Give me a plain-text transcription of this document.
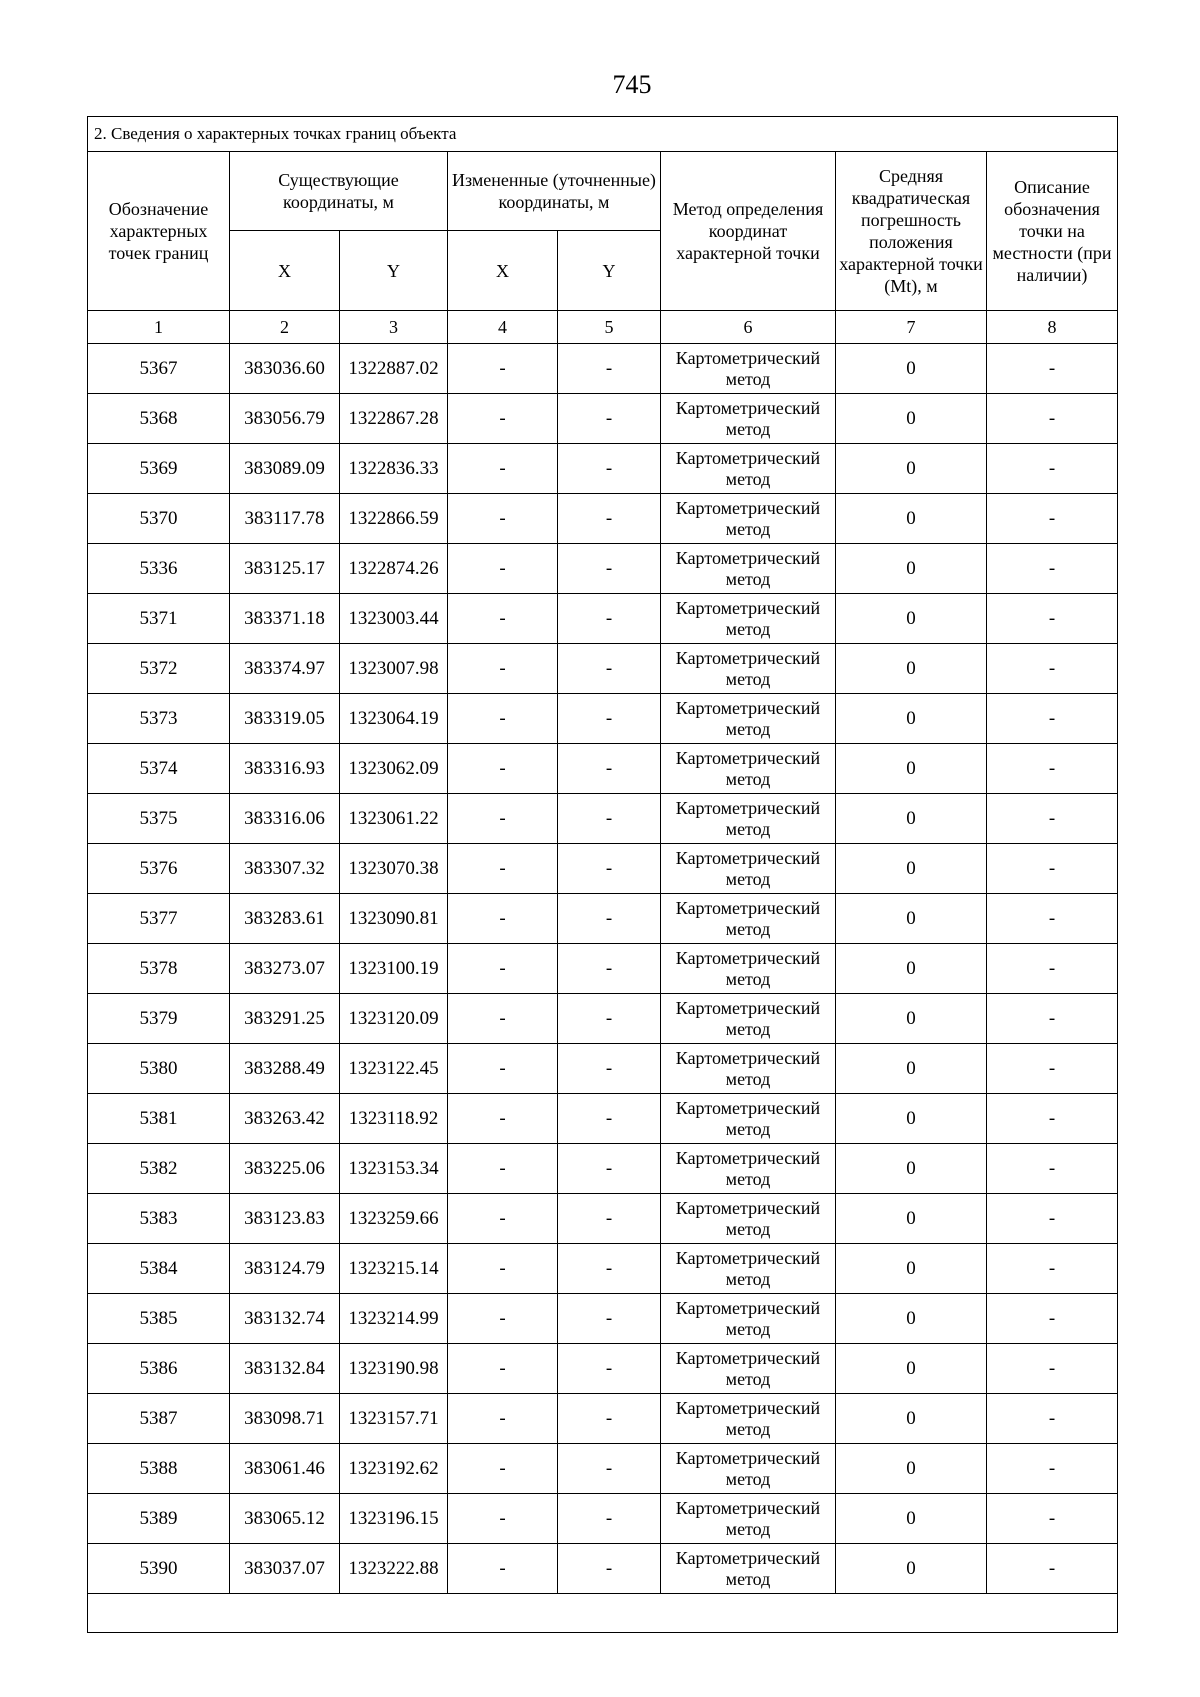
745
2. Сведения о характерных точках границ объекта							
Обозначение характерных точек границ	Существующие координаты, м		Измененные (уточненные) координаты, м		Метод определения координат характерной точки	Средняя квадратическая погрешность положения характерной точки (Mt), м	Описание обозначения точки на местности (при наличии)
	X	Y	X	Y			
1	2	3	4	5	6	7	8
5367	383036.60	1322887.02	-	-	Картометрический метод	0	-
5368	383056.79	1322867.28	-	-	Картометрический метод	0	-
5369	383089.09	1322836.33	-	-	Картометрический метод	0	-
5370	383117.78	1322866.59	-	-	Картометрический метод	0	-
5336	383125.17	1322874.26	-	-	Картометрический метод	0	-
5371	383371.18	1323003.44	-	-	Картометрический метод	0	-
5372	383374.97	1323007.98	-	-	Картометрический метод	0	-
5373	383319.05	1323064.19	-	-	Картометрический метод	0	-
5374	383316.93	1323062.09	-	-	Картометрический метод	0	-
5375	383316.06	1323061.22	-	-	Картометрический метод	0	-
5376	383307.32	1323070.38	-	-	Картометрический метод	0	-
5377	383283.61	1323090.81	-	-	Картометрический метод	0	-
5378	383273.07	1323100.19	-	-	Картометрический метод	0	-
5379	383291.25	1323120.09	-	-	Картометрический метод	0	-
5380	383288.49	1323122.45	-	-	Картометрический метод	0	-
5381	383263.42	1323118.92	-	-	Картометрический метод	0	-
5382	383225.06	1323153.34	-	-	Картометрический метод	0	-
5383	383123.83	1323259.66	-	-	Картометрический метод	0	-
5384	383124.79	1323215.14	-	-	Картометрический метод	0	-
5385	383132.74	1323214.99	-	-	Картометрический метод	0	-
5386	383132.84	1323190.98	-	-	Картометрический метод	0	-
5387	383098.71	1323157.71	-	-	Картометрический метод	0	-
5388	383061.46	1323192.62	-	-	Картометрический метод	0	-
5389	383065.12	1323196.15	-	-	Картометрический метод	0	-
5390	383037.07	1323222.88	-	-	Картометрический метод	0	-
